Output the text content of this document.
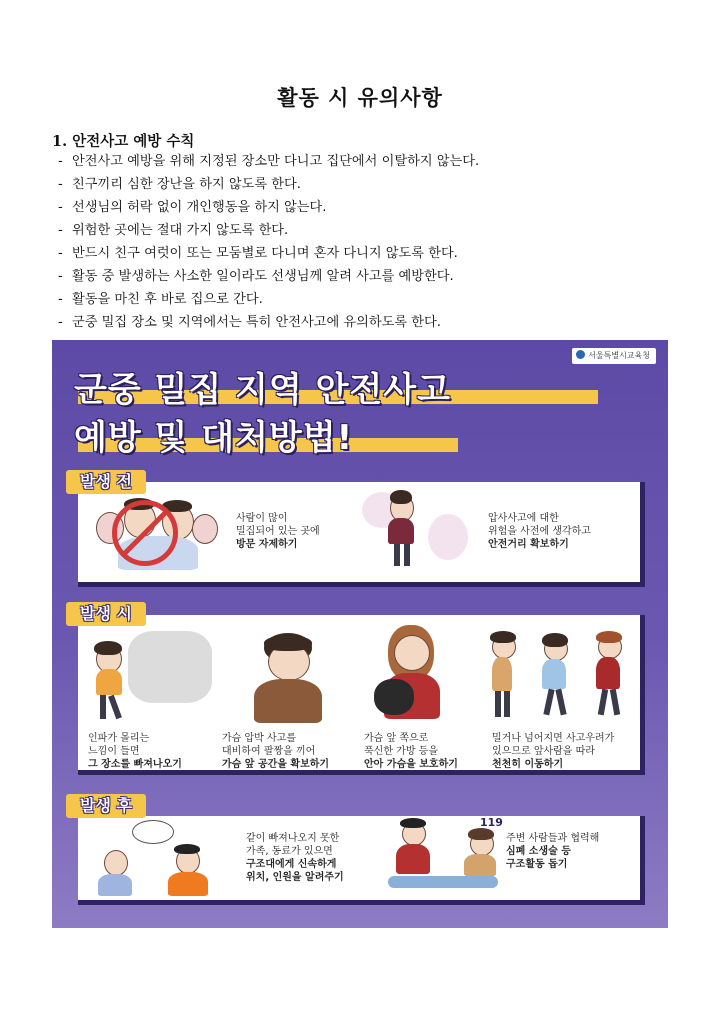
활동 시 유의사항
1. 안전사고 예방 수칙
- 안전사고 예방을 위해 지정된 장소만 다니고 집단에서 이탈하지 않는다.
- 친구끼리 심한 장난을 하지 않도록 한다.
- 선생님의 허락 없이 개인행동을 하지 않는다.
- 위험한 곳에는 절대 가지 않도록 한다.
- 반드시 친구 여럿이 또는 모둠별로 다니며 혼자 다니지 않도록 한다.
- 활동 중 발생하는 사소한 일이라도 선생님께 알려 사고를 예방한다.
- 활동을 마친 후 바로 집으로 간다.
- 군중 밀집 장소 및 지역에서는 특히 안전사고에 유의하도록 한다.
서울특별시교육청
군중 밀집 지역 안전사고
예방 및 대처방법!
발생 전
사람이 많이
밀집되어 있는 곳에
방문 자제하기
압사사고에 대한
위험을 사전에 생각하고
안전거리 확보하기
발생 시
인파가 몰리는
느낌이 들면
그 장소를 빠져나오기
가슴 압박 사고를
대비하여 팔짱을 끼어
가슴 앞 공간을 확보하기
가슴 앞 쪽으로
푹신한 가방 등을
안아 가슴을 보호하기
밀거나 넘어지면 사고우려가
있으므로 앞사람을 따라
천천히 이동하기
발생 후
같이 빠져나오지 못한
가족, 동료가 있으면
구조대에게 신속하게
위치, 인원을 알려주기
119
주변 사람들과 협력해
심폐 소생술 등
구조활동 돕기
